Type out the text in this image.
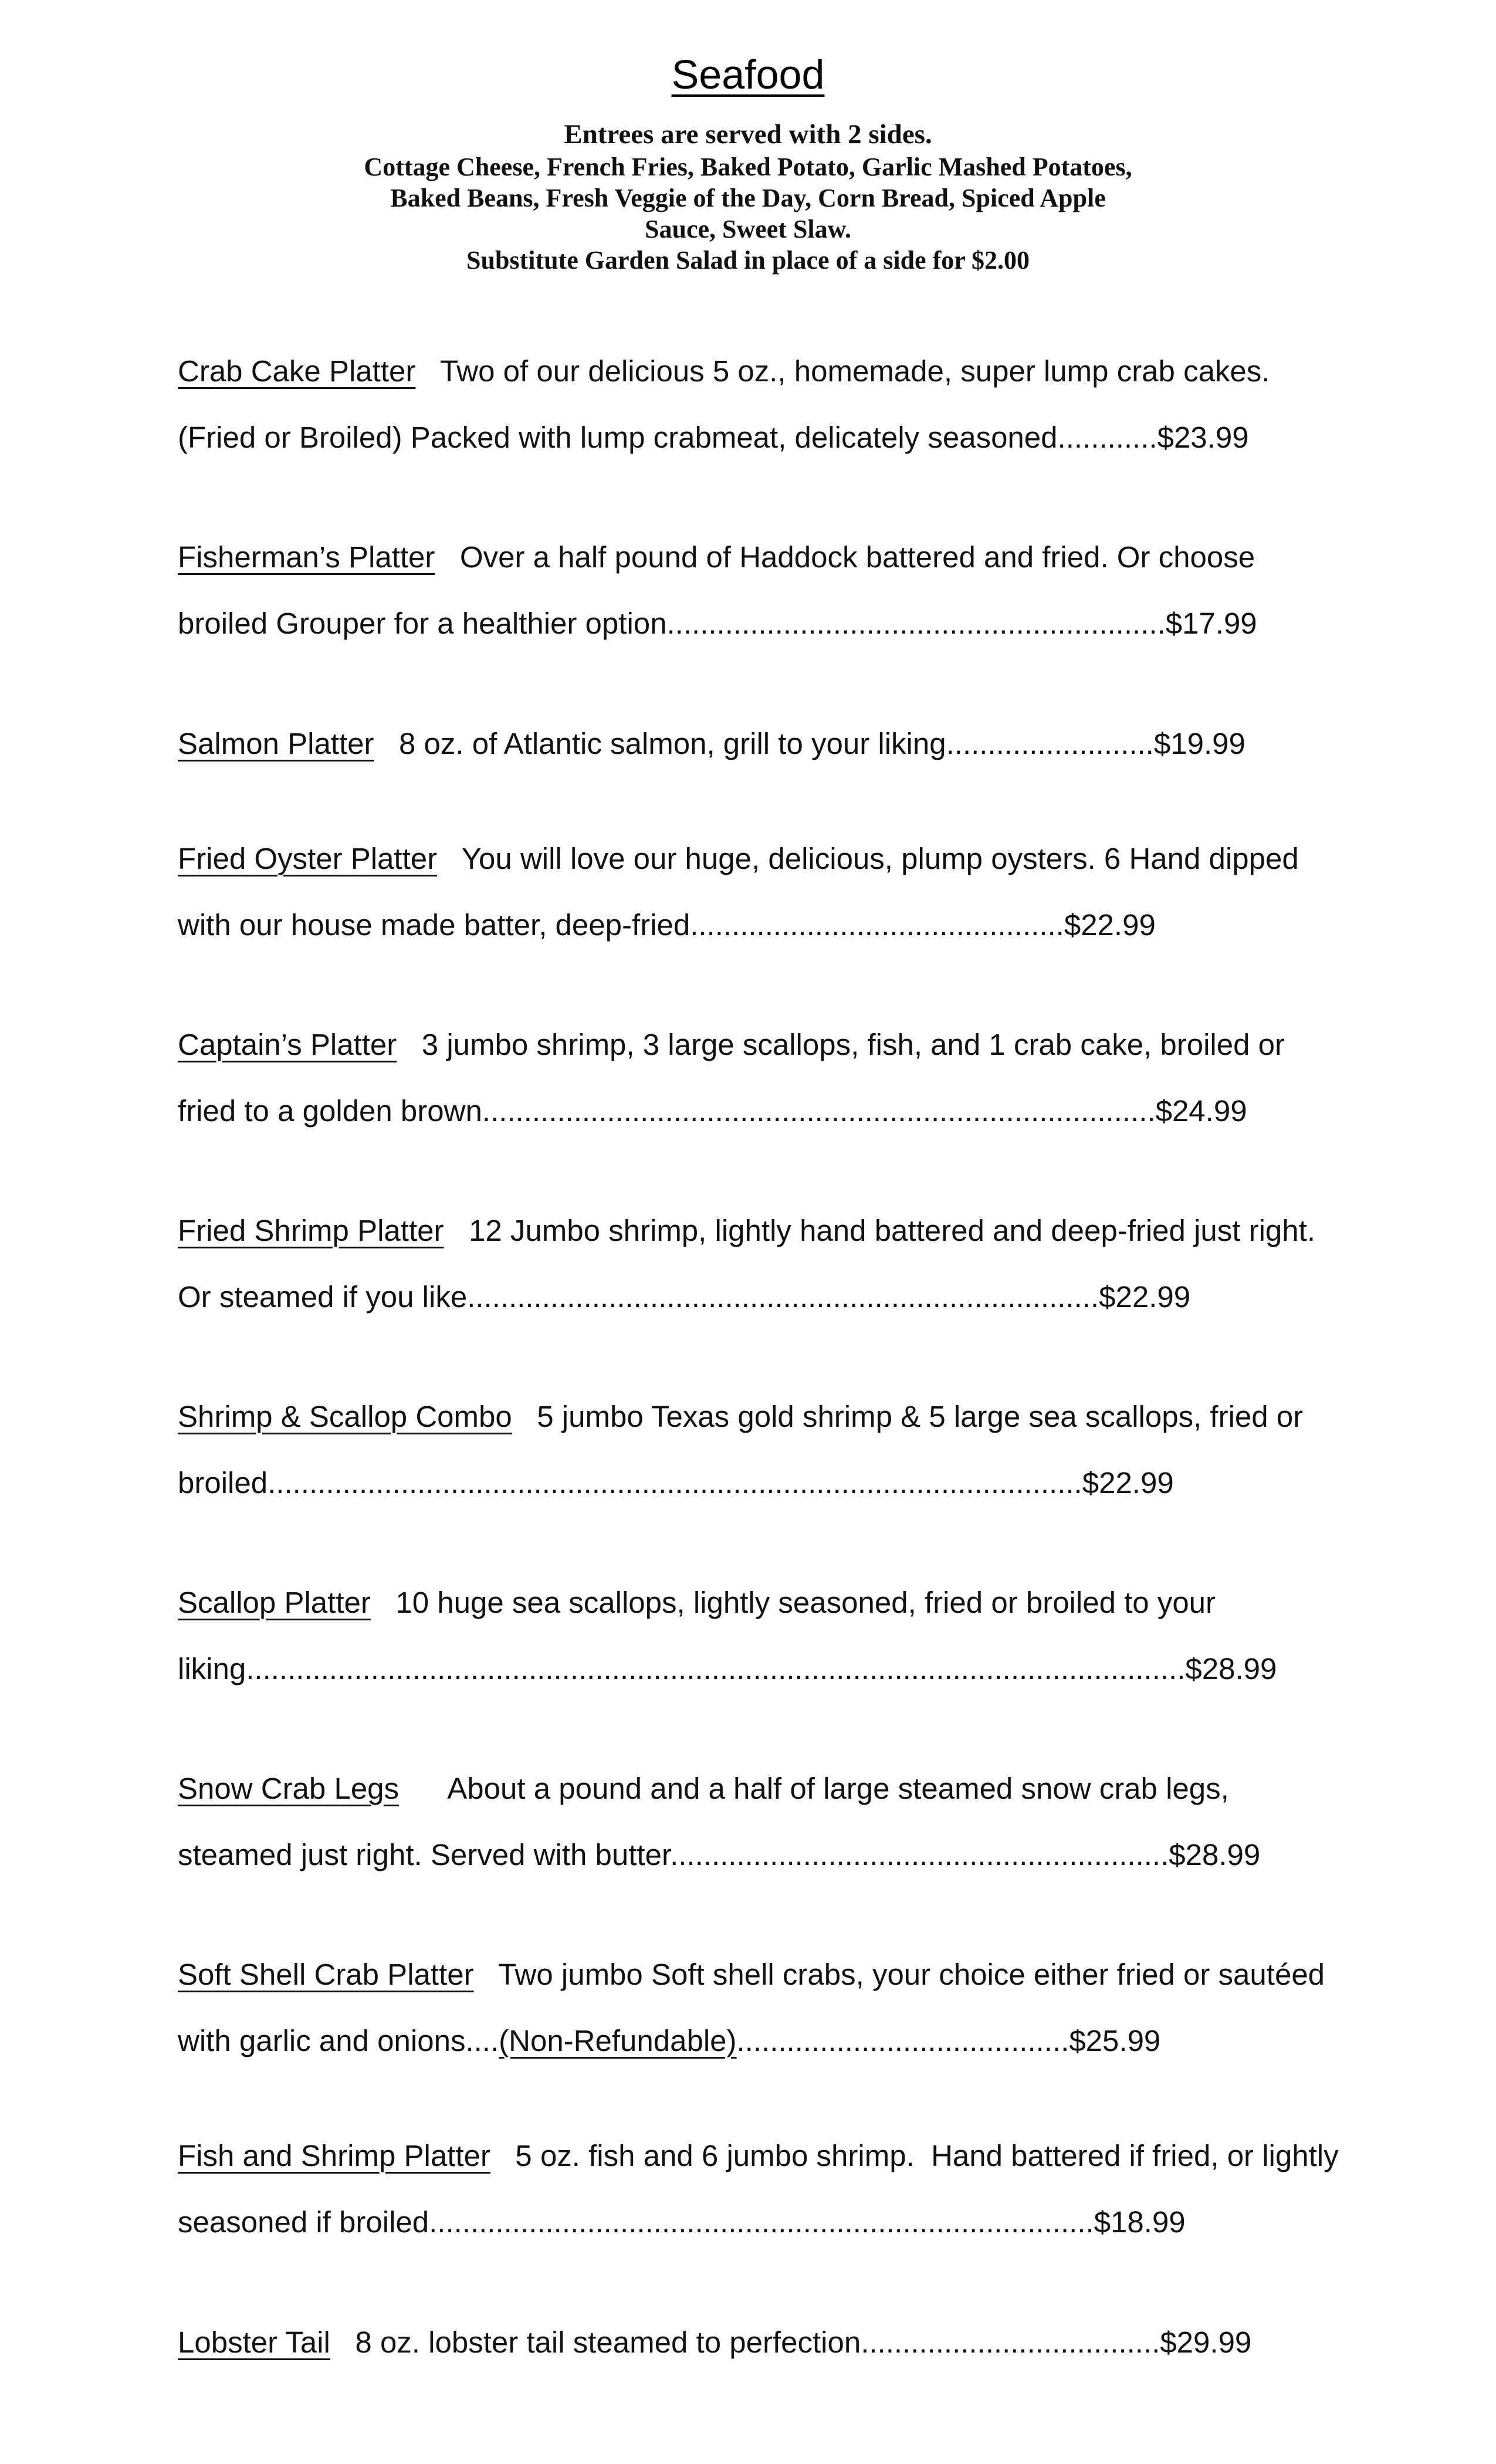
Seafood
Entrees are served with 2 sides.
Cottage Cheese, French Fries, Baked Potato, Garlic Mashed Potatoes,
Baked Beans, Fresh Veggie of the Day, Corn Bread, Spiced Apple
Sauce, Sweet Slaw.
Substitute Garden Salad in place of a side for $2.00
Crab Cake Platter Two of our delicious 5 oz., homemade, super lump crab cakes.
(Fried or Broiled) Packed with lump crabmeat, delicately seasoned............$23.99
Fisherman’s Platter Over a half pound of Haddock battered and fried. Or choose
broiled Grouper for a healthier option............................................................$17.99
Salmon Platter 8 oz. of Atlantic salmon, grill to your liking.........................$19.99
Fried Oyster Platter You will love our huge, delicious, plump oysters. 6 Hand dipped
with our house made batter, deep-fried.............................................$22.99
Captain’s Platter 3 jumbo shrimp, 3 large scallops, fish, and 1 crab cake, broiled or
fried to a golden brown.................................................................................$24.99
Fried Shrimp Platter 12 Jumbo shrimp, lightly hand battered and deep-fried just right.
Or steamed if you like............................................................................$22.99
Shrimp & Scallop Combo 5 jumbo Texas gold shrimp & 5 large sea scallops, fried or
broiled..................................................................................................$22.99
Scallop Platter 10 huge sea scallops, lightly seasoned, fried or broiled to your
liking.................................................................................................................$28.99
Snow Crab Legs About a pound and a half of large steamed snow crab legs,
steamed just right. Served with butter............................................................$28.99
Soft Shell Crab Platter Two jumbo Soft shell crabs, your choice either fried or sautéed
with garlic and onions....(Non-Refundable)........................................$25.99
Fish and Shrimp Platter 5 oz. fish and 6 jumbo shrimp.  Hand battered if fried, or lightly
seasoned if broiled................................................................................$18.99
Lobster Tail 8 oz. lobster tail steamed to perfection....................................$29.99
